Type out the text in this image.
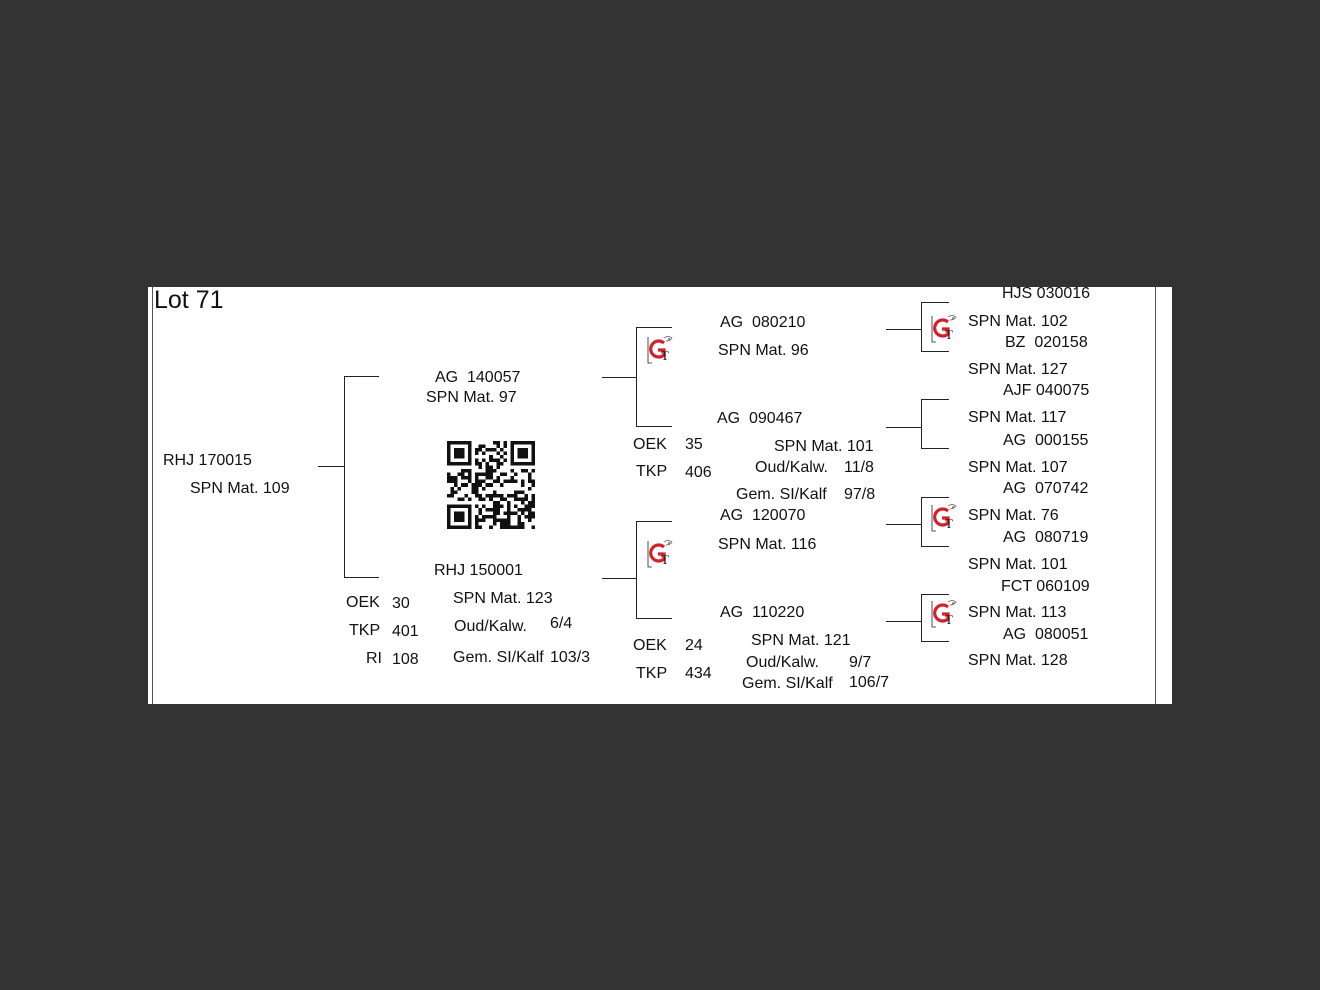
Lot 71
RHJ 170015
SPN Mat. 109
AG  140057
SPN Mat. 97
RHJ 150001
SPN Mat. 123
OEK 30
TKP 401
RI 108
Oud/Kalw. 6/4
Gem. SI/Kalf 103/3
AG  080210
SPN Mat. 96
AG  090467
SPN Mat. 101
OEK 35
TKP 406	Oud/Kalw. 11/8
Gem. SI/Kalf 97/8
AG  120070
SPN Mat. 116
AG  110220
SPN Mat. 121
OEK 24
TKP 434
Oud/Kalw. 9/7
Gem. SI/Kalf 106/7
HJS 030016
SPN Mat. 102
BZ  020158
SPN Mat. 127
AJF 040075
SPN Mat. 117
AG  000155
SPN Mat. 107
AG  070742
SPN Mat. 76
AG  080719
SPN Mat. 101
FCT 060109
SPN Mat. 113
AG  080051
SPN Mat. 128
